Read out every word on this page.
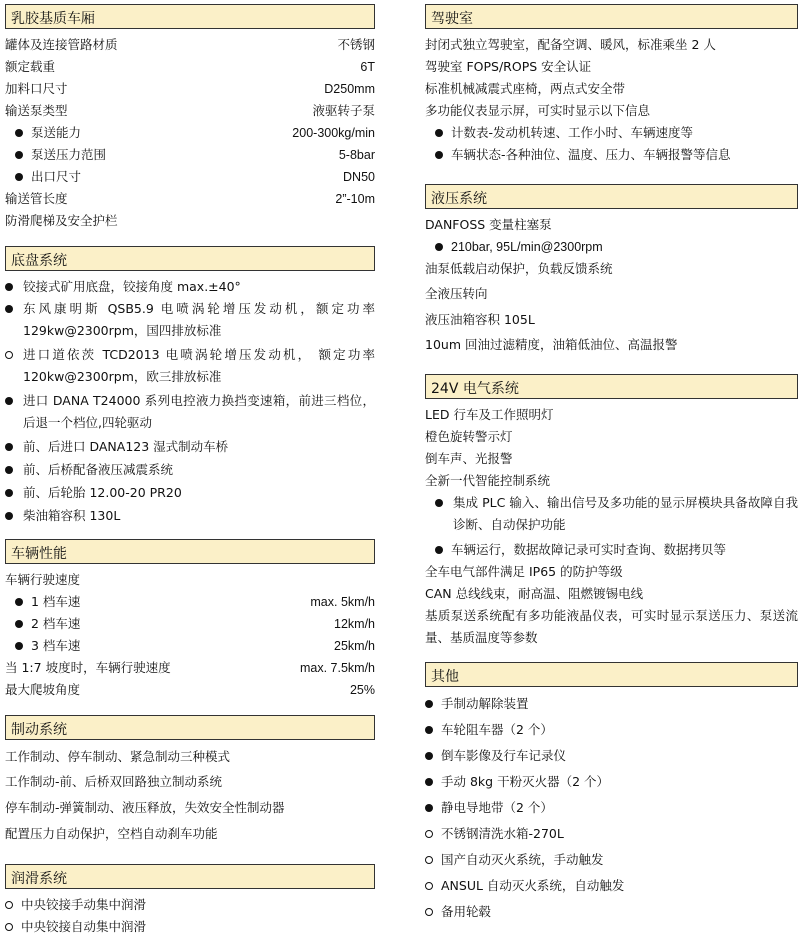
乳胶基质车厢
罐体及连接管路材质	不锈钢
额定载重	6T
加料口尺寸	D250mm
输送泵类型	液驱转子泵
泵送能力	200-300kg/min
泵送压力范围	5-8bar
出口尺寸	DN50
输送管长度	2”-10m
防滑爬梯及安全护栏
底盘系统
铰接式矿用底盘，铰接角度 max.±40°
东风康明斯 QSB5.9 电喷涡轮增压发动机，额定功率 129kw@2300rpm，国四排放标准
进口道依茨 TCD2013 电喷涡轮增压发动机， 额定功率 120kw@2300rpm，欧三排放标准
进口 DANA T24000 系列电控液力换挡变速箱，前进三档位，后退一个档位,四轮驱动
前、后进口 DANA123 湿式制动车桥
前、后桥配备液压减震系统
前、后轮胎 12.00-20 PR20
柴油箱容积 130L
车辆性能
车辆行驶速度
1 档车速	max. 5km/h
2 档车速	12km/h
3 档车速	25km/h
当 1:7 坡度时，车辆行驶速度	max. 7.5km/h
最大爬坡角度	25%
制动系统
工作制动、停车制动、紧急制动三种模式
工作制动-前、后桥双回路独立制动系统
停车制动-弹簧制动、液压释放，失效安全性制动器
配置压力自动保护，空档自动刹车功能
润滑系统
中央铰接手动集中润滑
中央铰接自动集中润滑
驾驶室
封闭式独立驾驶室，配备空调、暖风，标准乘坐 2 人
驾驶室 FOPS/ROPS 安全认证
标准机械减震式座椅，两点式安全带
多功能仪表显示屏，可实时显示以下信息
计数表-发动机转速、工作小时、车辆速度等
车辆状态-各种油位、温度、压力、车辆报警等信息
液压系统
DANFOSS 变量柱塞泵
210bar, 95L/min@2300rpm
油泵低载启动保护，负载反馈系统
全液压转向
液压油箱容积 105L
10um 回油过滤精度，油箱低油位、高温报警
24V 电气系统
LED 行车及工作照明灯
橙色旋转警示灯
倒车声、光报警
全新一代智能控制系统
集成 PLC 输入、输出信号及多功能的显示屏模块具备故障自我诊断、自动保护功能
车辆运行，数据故障记录可实时查询、数据拷贝等
全车电气部件满足 IP65 的防护等级
CAN 总线线束，耐高温、阻燃镀锡电线
基质泵送系统配有多功能液晶仪表，可实时显示泵送压力、泵送流量、基质温度等参数
其他
手制动解除装置
车轮阻车器（2 个）
倒车影像及行车记录仪
手动 8kg 干粉灭火器（2 个）
静电导地带（2 个）
不锈钢清洗水箱-270L
国产自动灭火系统，手动触发
ANSUL 自动灭火系统，自动触发
备用轮毂
